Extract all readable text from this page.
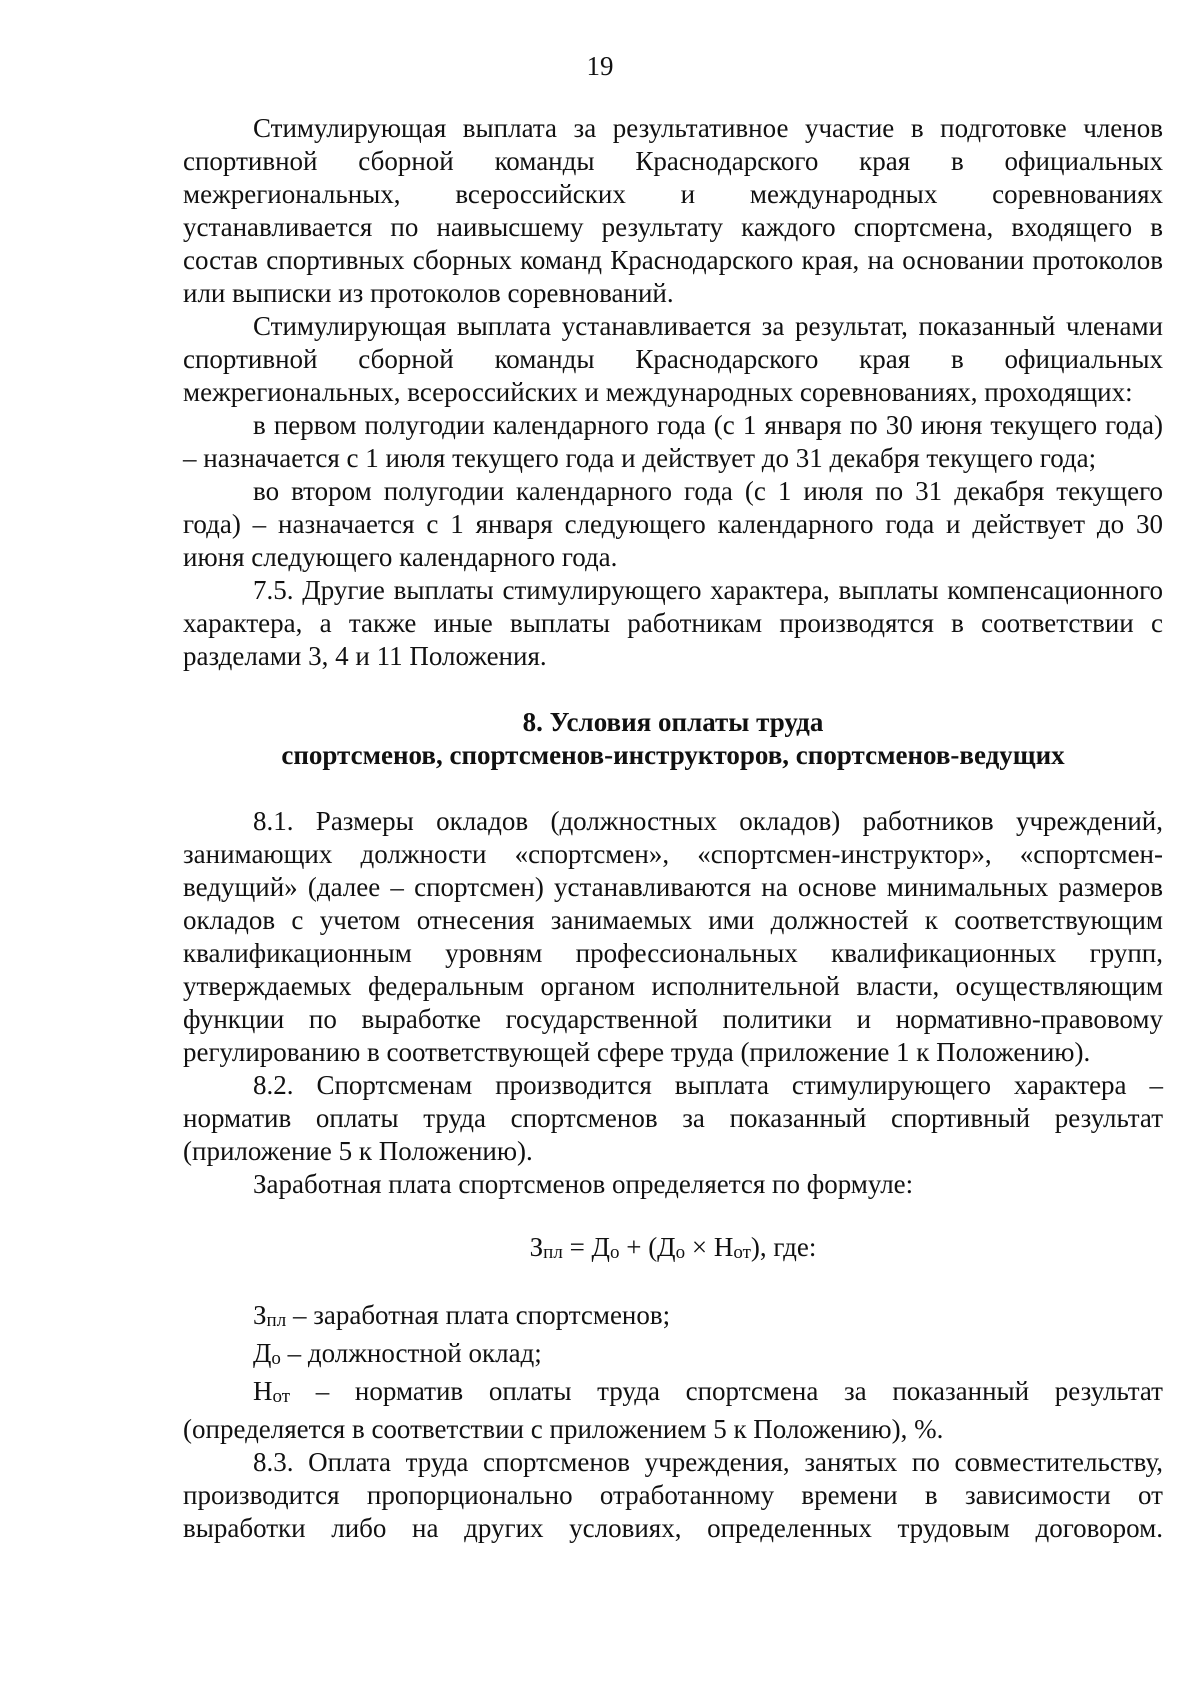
19

Стимулирующая выплата за результативное участие в подготовке членов спортивной сборной команды Краснодарского края в официальных межрегиональных, всероссийских и международных соревнованиях устанавливается по наивысшему результату каждого спортсмена, входящего в состав спортивных сборных команд Краснодарского края, на основании протоколов или выписки из протоколов соревнований.

Стимулирующая выплата устанавливается за результат, показанный членами спортивной сборной команды Краснодарского края в официальных межрегиональных, всероссийских и международных соревнованиях, проходящих:

в первом полугодии календарного года (с 1 января по 30 июня текущего года) – назначается с 1 июля текущего года и действует до 31 декабря текущего года;

во втором полугодии календарного года (с 1 июля по 31 декабря текущего года) – назначается с 1 января следующего календарного года и действует до 30 июня следующего календарного года.

7.5. Другие выплаты стимулирующего характера, выплаты компенсационного характера, а также иные выплаты работникам производятся в соответствии с разделами 3, 4 и 11 Положения.

8. Условия оплаты труда
спортсменов, спортсменов-инструкторов, спортсменов-ведущих

8.1. Размеры окладов (должностных окладов) работников учреждений, занимающих должности «спортсмен», «спортсмен-инструктор», «спортсмен-ведущий» (далее – спортсмен) устанавливаются на основе минимальных размеров окладов с учетом отнесения занимаемых ими должностей к соответствующим квалификационным уровням профессиональных квалификационных групп, утверждаемых федеральным органом исполнительной власти, осуществляющим функции по выработке государственной политики и нормативно-правовому регулированию в соответствующей сфере труда (приложение 1 к Положению).

8.2. Спортсменам производится выплата стимулирующего характера – норматив оплаты труда спортсменов за показанный спортивный результат (приложение 5 к Положению).

Заработная плата спортсменов определяется по формуле:

Зпл = До + (До × Нот), где:

Зпл – заработная плата спортсменов;

До – должностной оклад;

Нот – норматив оплаты труда спортсмена за показанный результат (определяется в соответствии с приложением 5 к Положению), %.

8.3. Оплата труда спортсменов учреждения, занятых по совместительству, производится пропорционально отработанному времени в зависимости от выработки либо на других условиях, определенных трудовым договором.
